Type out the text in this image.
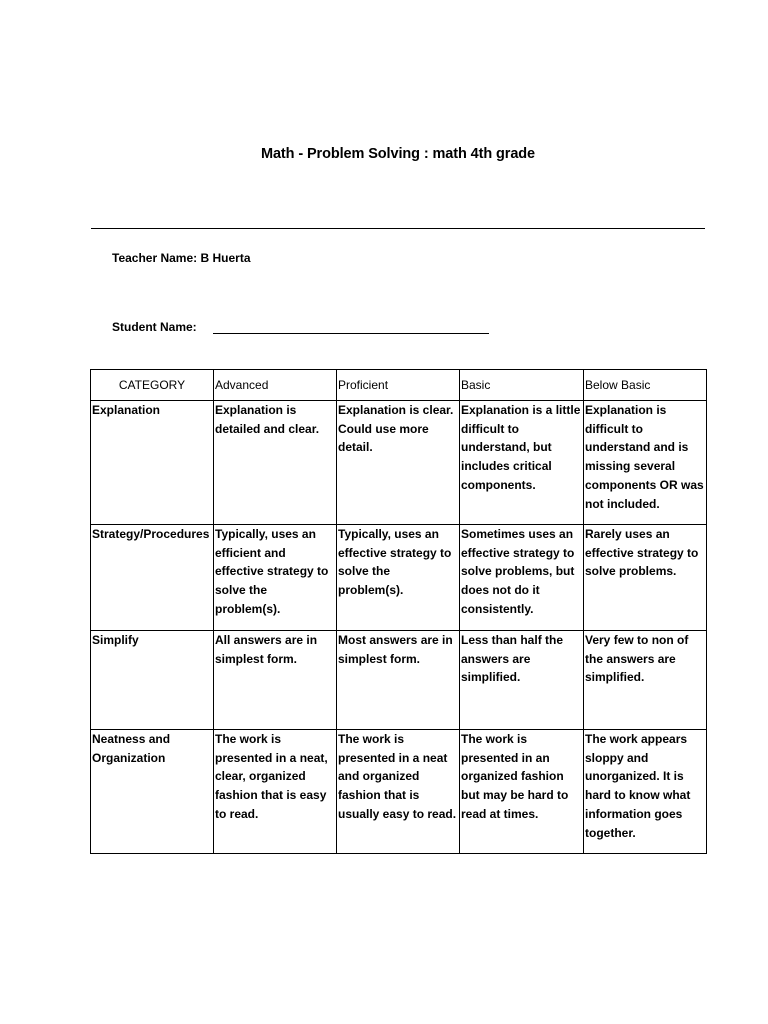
Math - Problem Solving : math 4th grade
Teacher Name: B Huerta
Student Name:
CATEGORY	Advanced	Proficient	Basic	Below Basic
Explanation	Explanation is detailed and clear.	Explanation is clear. Could use more detail.	Explanation is a little difficult to understand, but includes critical components.	Explanation is difficult to understand and is missing several components OR was not included.
Strategy/Procedures	Typically, uses an efficient and effective strategy to solve the problem(s).	Typically, uses an effective strategy to solve the problem(s).	Sometimes uses an effective strategy to solve problems, but does not do it consistently.	Rarely uses an effective strategy to solve problems.
Simplify	All answers are in simplest form.	Most answers are in simplest form.	Less than half the answers are simplified.	Very few to non of the answers are simplified.
Neatness and Organization	The work is presented in a neat, clear, organized fashion that is easy to read.	The work is presented in a neat and organized fashion that is usually easy to read.	The work is presented in an organized fashion but may be hard to read at times.	The work appears sloppy and unorganized. It is hard to know what information goes together.
